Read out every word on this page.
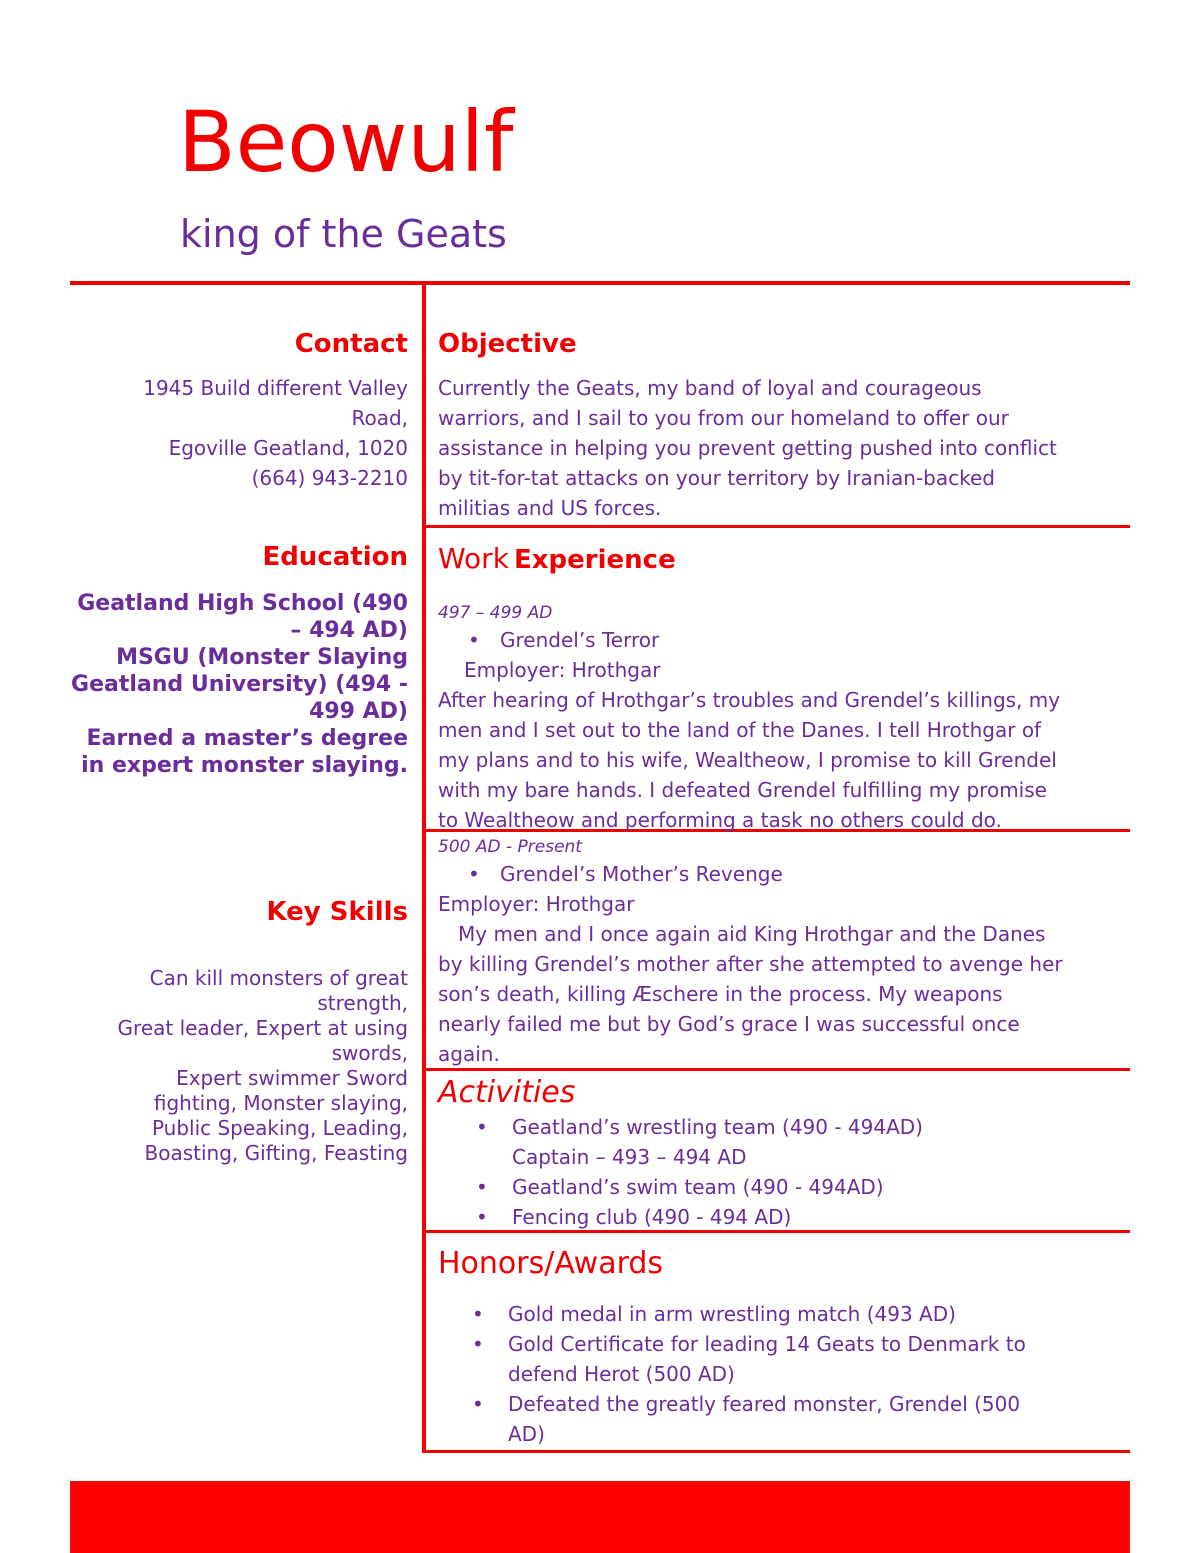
Beowulf
king of the Geats
Contact
1945 Build different Valley
Road,
Egoville Geatland, 1020
(664) 943-2210
Education
Geatland High School (490
– 494 AD)
MSGU (Monster Slaying
Geatland University) (494 -
499 AD)
Earned a master’s degree
in expert monster slaying.
Key Skills
Can kill monsters of great
strength,
Great leader, Expert at using
swords,
Expert swimmer Sword
fighting, Monster slaying,
Public Speaking, Leading,
Boasting, Gifting, Feasting
Objective
Currently the Geats, my band of loyal and courageous
warriors, and I sail to you from our homeland to offer our
assistance in helping you prevent getting pushed into conflict
by tit-for-tat attacks on your territory by Iranian-backed
militias and US forces.
Work Experience
497 – 499 AD
• Grendel’s Terror
Employer: Hrothgar
After hearing of Hrothgar’s troubles and Grendel’s killings, my
men and I set out to the land of the Danes. I tell Hrothgar of
my plans and to his wife, Wealtheow, I promise to kill Grendel
with my bare hands. I defeated Grendel fulfilling my promise
to Wealtheow and performing a task no others could do.
500 AD - Present
• Grendel’s Mother’s Revenge
Employer: Hrothgar
My men and I once again aid King Hrothgar and the Danes
by killing Grendel’s mother after she attempted to avenge her
son’s death, killing Æschere in the process. My weapons
nearly failed me but by God’s grace I was successful once
again.
Activities
• Geatland’s wrestling team (490 - 494AD)
Captain – 493 – 494 AD
• Geatland’s swim team (490 - 494AD)
• Fencing club (490 - 494 AD)
Honors/Awards
• Gold medal in arm wrestling match (493 AD)
• Gold Certificate for leading 14 Geats to Denmark to
defend Herot (500 AD)
• Defeated the greatly feared monster, Grendel (500
AD)
